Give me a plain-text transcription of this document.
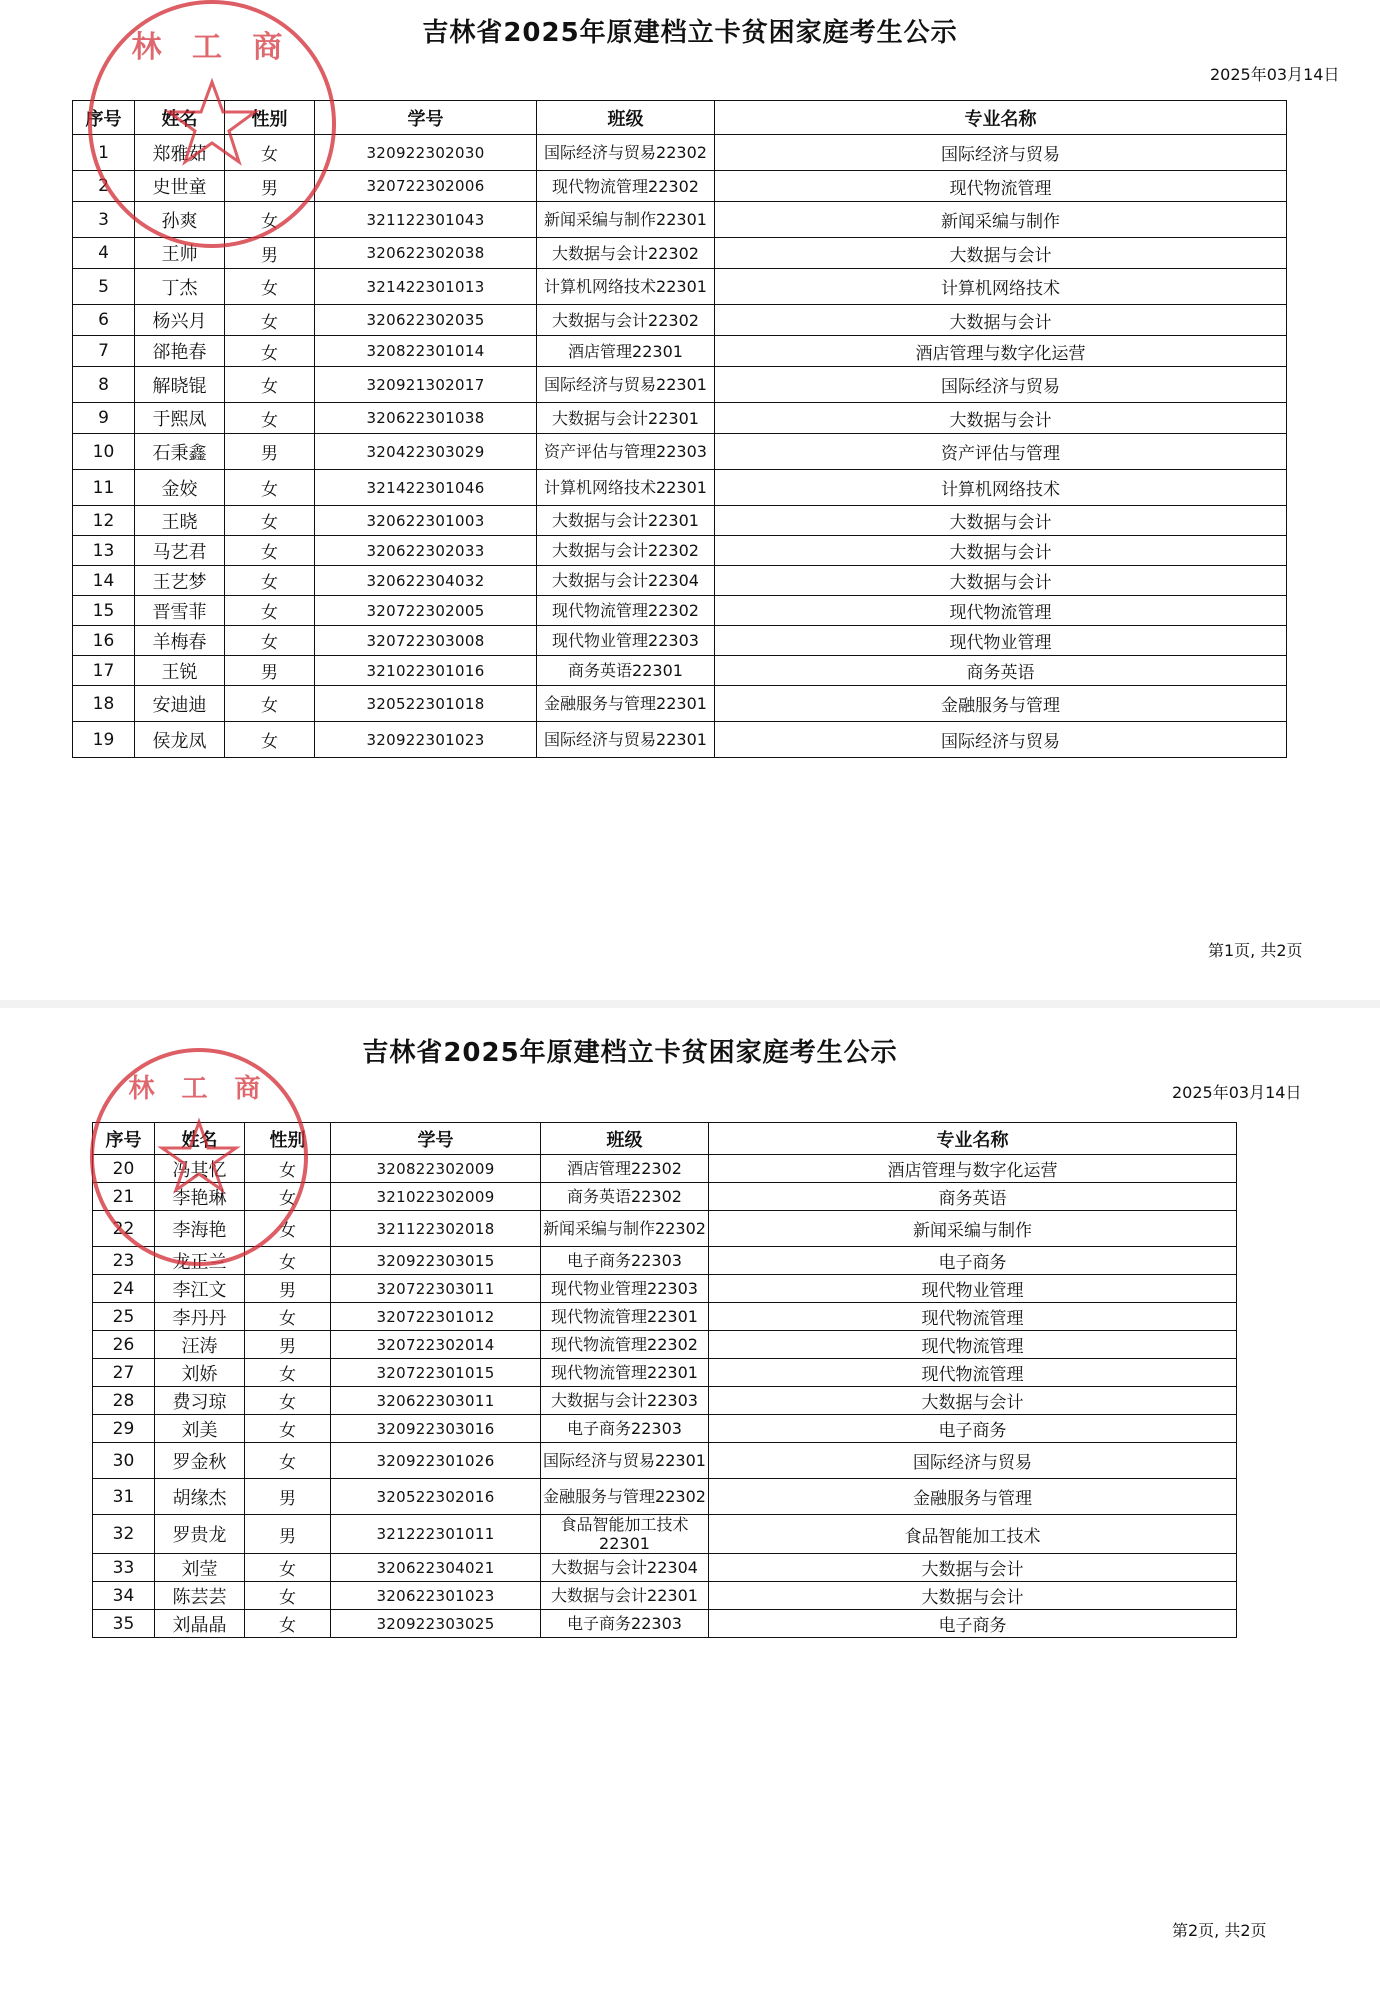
吉林省2025年原建档立卡贫困家庭考生公示
2025年03月14日
序号	姓名	性别	学号	班级	专业名称
1	郑雅茹	女	320922302030	国际经济与贸易22302	国际经济与贸易
2	史世童	男	320722302006	现代物流管理22302	现代物流管理
3	孙爽	女	321122301043	新闻采编与制作22301	新闻采编与制作
4	王帅	男	320622302038	大数据与会计22302	大数据与会计
5	丁杰	女	321422301013	计算机网络技术22301	计算机网络技术
6	杨兴月	女	320622302035	大数据与会计22302	大数据与会计
7	郤艳春	女	320822301014	酒店管理22301	酒店管理与数字化运营
8	解晓锟	女	320921302017	国际经济与贸易22301	国际经济与贸易
9	于熙凤	女	320622301038	大数据与会计22301	大数据与会计
10	石秉鑫	男	320422303029	资产评估与管理22303	资产评估与管理
11	金姣	女	321422301046	计算机网络技术22301	计算机网络技术
12	王晓	女	320622301003	大数据与会计22301	大数据与会计
13	马艺君	女	320622302033	大数据与会计22302	大数据与会计
14	王艺梦	女	320622304032	大数据与会计22304	大数据与会计
15	晋雪菲	女	320722302005	现代物流管理22302	现代物流管理
16	羊梅春	女	320722303008	现代物业管理22303	现代物业管理
17	王锐	男	321022301016	商务英语22301	商务英语
18	安迪迪	女	320522301018	金融服务与管理22301	金融服务与管理
19	侯龙凤	女	320922301023	国际经济与贸易22301	国际经济与贸易
林 工 商
第1页, 共2页
吉林省2025年原建档立卡贫困家庭考生公示
2025年03月14日
序号	姓名	性别	学号	班级	专业名称
20	冯其忆	女	320822302009	酒店管理22302	酒店管理与数字化运营
21	李艳琳	女	321022302009	商务英语22302	商务英语
22	李海艳	女	321122302018	新闻采编与制作22302	新闻采编与制作
23	龙正兰	女	320922303015	电子商务22303	电子商务
24	李江文	男	320722303011	现代物业管理22303	现代物业管理
25	李丹丹	女	320722301012	现代物流管理22301	现代物流管理
26	汪涛	男	320722302014	现代物流管理22302	现代物流管理
27	刘娇	女	320722301015	现代物流管理22301	现代物流管理
28	费习琼	女	320622303011	大数据与会计22303	大数据与会计
29	刘美	女	320922303016	电子商务22303	电子商务
30	罗金秋	女	320922301026	国际经济与贸易22301	国际经济与贸易
31	胡缘杰	男	320522302016	金融服务与管理22302	金融服务与管理
32	罗贵龙	男	321222301011	食品智能加工技术22301	食品智能加工技术
33	刘莹	女	320622304021	大数据与会计22304	大数据与会计
34	陈芸芸	女	320622301023	大数据与会计22301	大数据与会计
35	刘晶晶	女	320922303025	电子商务22303	电子商务
林 工 商
第2页, 共2页
